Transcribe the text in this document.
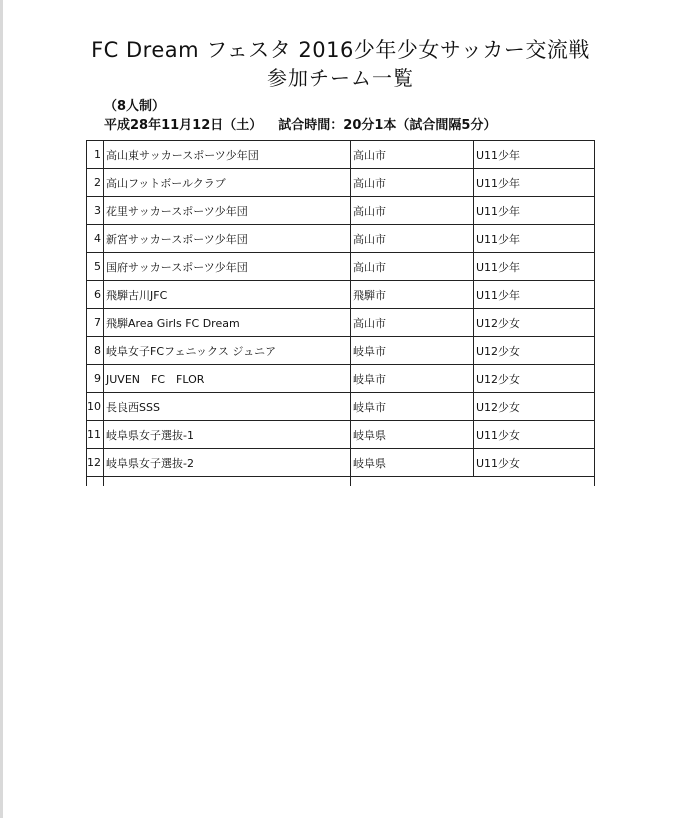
FC Dream フェスタ 2016少年少女サッカー交流戦
参加チーム一覧
（8人制）
平成28年11月12日（土） 試合時間：20分1本（試合間隔5分）
1	高山東サッカースポーツ少年団	高山市	U11少年
2	高山フットボールクラブ	高山市	U11少年
3	花里サッカースポーツ少年団	高山市	U11少年
4	新宮サッカースポーツ少年団	高山市	U11少年
5	国府サッカースポーツ少年団	高山市	U11少年
6	飛騨古川JFC	飛騨市	U11少年
7	飛騨Area Girls FC Dream	高山市	U12少女
8	岐阜女子FCフェニックス ジュニア	岐阜市	U12少女
9	JUVEN　FC　FLOR	岐阜市	U12少女
10	長良西SSS	岐阜市	U12少女
11	岐阜県女子選抜-1	岐阜県	U11少女
12	岐阜県女子選抜-2	岐阜県	U11少女
